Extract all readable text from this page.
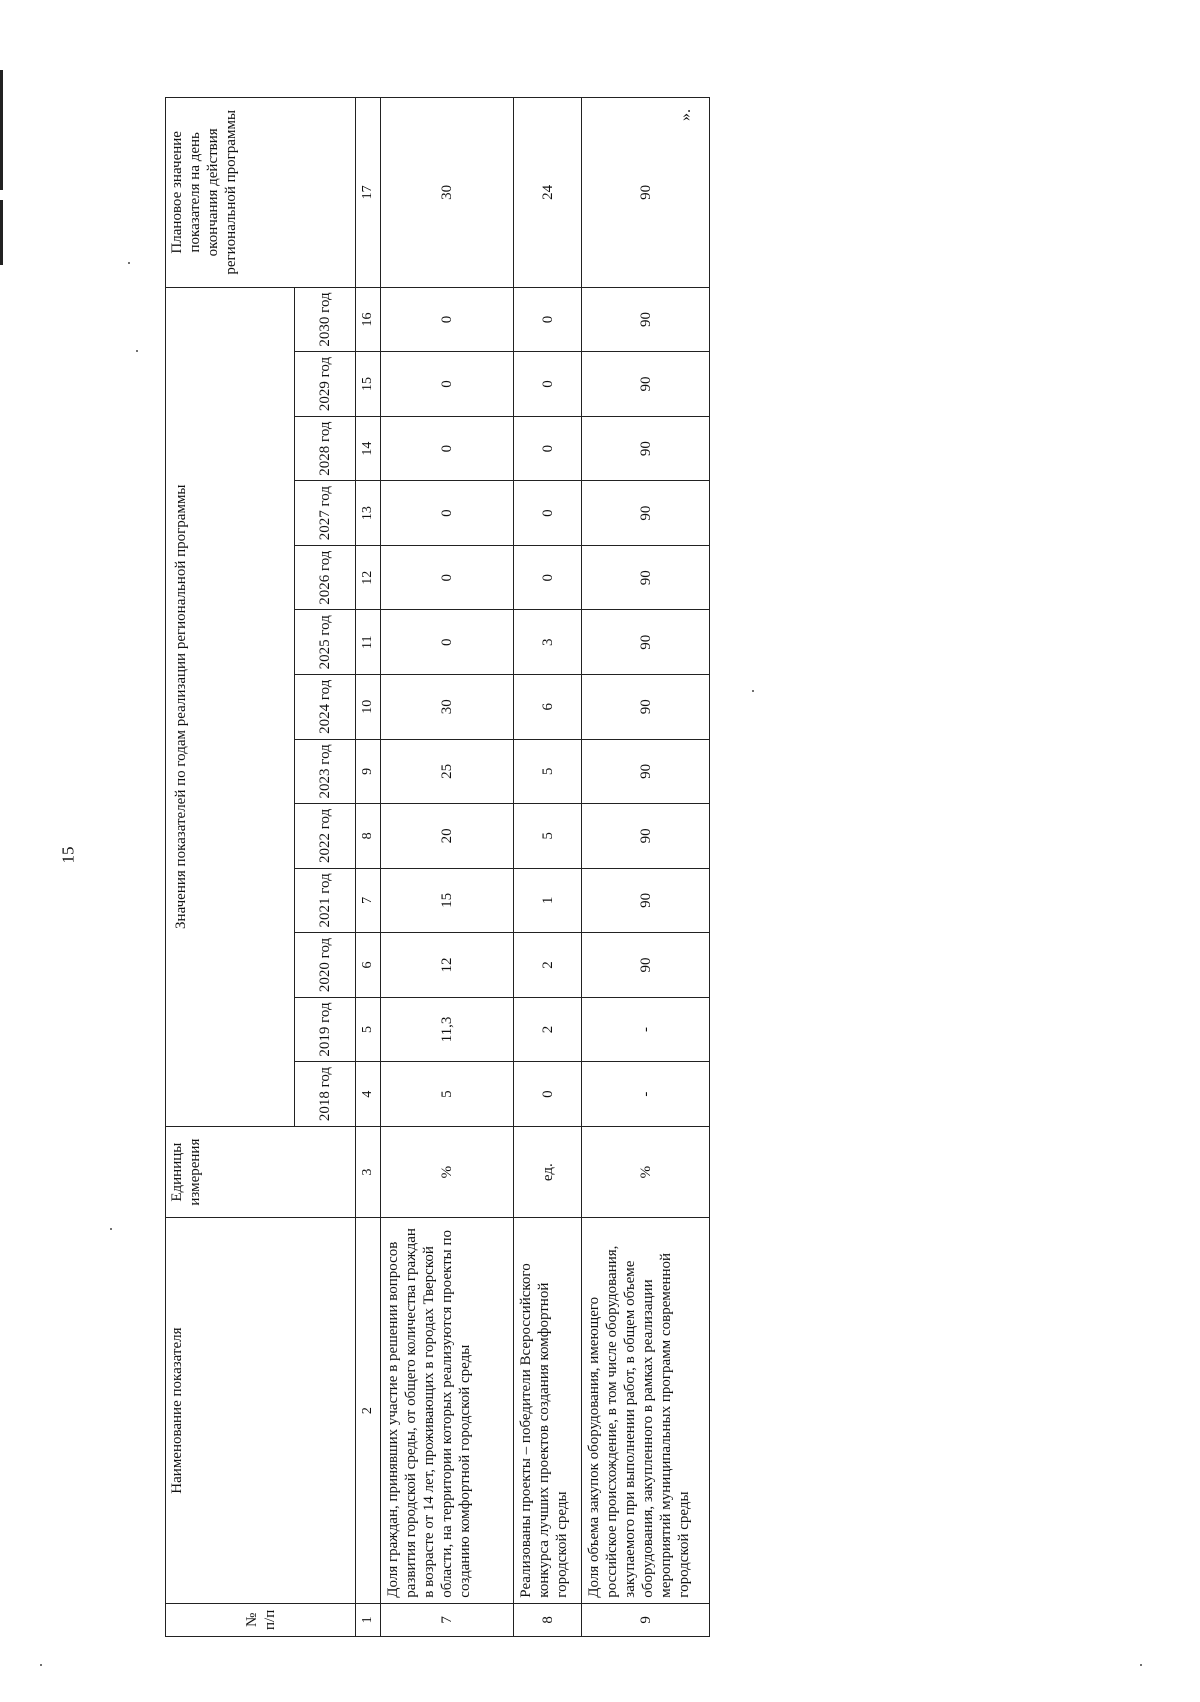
15
».
№ п/п	Наименование показателя	Единицы измерения	Значения показателей по годам реализации региональной программы													Плановое значение показателя на день окончания действия региональной программы
			2018 год	2019 год	2020 год	2021 год	2022 год	2023 год	2024 год	2025 год	2026 год	2027 год	2028 год	2029 год	2030 год	
1	2	3	4	5	6	7	8	9	10	11	12	13	14	15	16	17
7	Доля граждан, принявших участие в решении вопросов развития городской среды, от общего количества граждан в возрасте от 14 лет, проживающих в городах Тверской области, на территории которых реализуются проекты по созданию комфортной городской среды	%	5	11,3	12	15	20	25	30	0	0	0	0	0	0	30
8	Реализованы проекты – победители Всероссийского конкурса лучших проектов создания комфортной городской среды	ед.	0	2	2	1	5	5	6	3	0	0	0	0	0	24
9	Доля объема закупок оборудования, имеющего российское происхождение, в том числе оборудования, закупаемого при выполнении работ, в общем объеме оборудования, закупленного в рамках реализации мероприятий муниципальных программ современной городской среды	%	-	-	90	90	90	90	90	90	90	90	90	90	90	90
